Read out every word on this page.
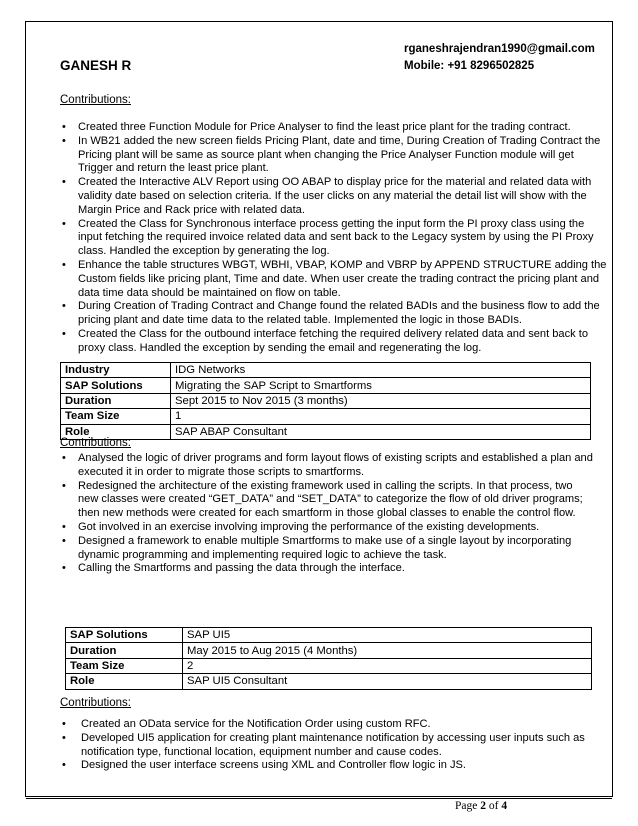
rganeshrajendran1990@gmail.com
GANESH R	Mobile: +91 8296502825
Contributions:
• Created three Function Module for Price Analyser to find the least price plant for the trading contract.
• In WB21 added the new screen fields Pricing Plant, date and time, During Creation of Trading Contract the Pricing plant will be same as source plant when changing the Price Analyser Function module will get Trigger and return the least price plant.
• Created the Interactive ALV Report using OO ABAP to display price for the material and related data with validity date based on selection criteria. If the user clicks on any material the detail list will show with the Margin Price and Rack price with related data.
• Created the Class for Synchronous interface process getting the input form the PI proxy class using the input fetching the required invoice related data and sent back to the Legacy system by using the PI Proxy class. Handled the exception by generating the log.
• Enhance the table structures WBGT, WBHI, VBAP, KOMP and VBRP by APPEND STRUCTURE adding the Custom fields like pricing plant, Time and date. When user create the trading contract the pricing plant and data time data should be maintained on flow on table.
• During Creation of Trading Contract and Change found the related BADIs and the business flow to add the pricing plant and date time data to the related table. Implemented the logic in those BADIs.
• Created the Class for the outbound interface fetching the required delivery related data and sent back to proxy class. Handled the exception by sending the email and regenerating the log.
Industry	IDG Networks
SAP Solutions	Migrating the SAP Script to Smartforms
Duration	Sept 2015 to Nov 2015 (3 months)
Team Size	1
Role	SAP ABAP Consultant
Contributions:
• Analysed the logic of driver programs and form layout flows of existing scripts and established a plan and executed it in order to migrate those scripts to smartforms.
• Redesigned the architecture of the existing framework used in calling the scripts. In that process, two new classes were created “GET_DATA” and “SET_DATA” to categorize the flow of old driver programs; then new methods were created for each smartform in those global classes to enable the control flow.
• Got involved in an exercise involving improving the performance of the existing developments.
• Designed a framework to enable multiple Smartforms to make use of a single layout by incorporating dynamic programming and implementing required logic to achieve the task.
• Calling the Smartforms and passing the data through the interface.
SAP Solutions	SAP UI5
Duration	May 2015 to Aug 2015 (4 Months)
Team Size	2
Role	SAP UI5 Consultant
Contributions:
• Created an OData service for the Notification Order using custom RFC.
• Developed UI5 application for creating plant maintenance notification by accessing user inputs such as notification type, functional location, equipment number and cause codes.
• Designed the user interface screens using XML and Controller flow logic in JS.
Page 2 of 4
